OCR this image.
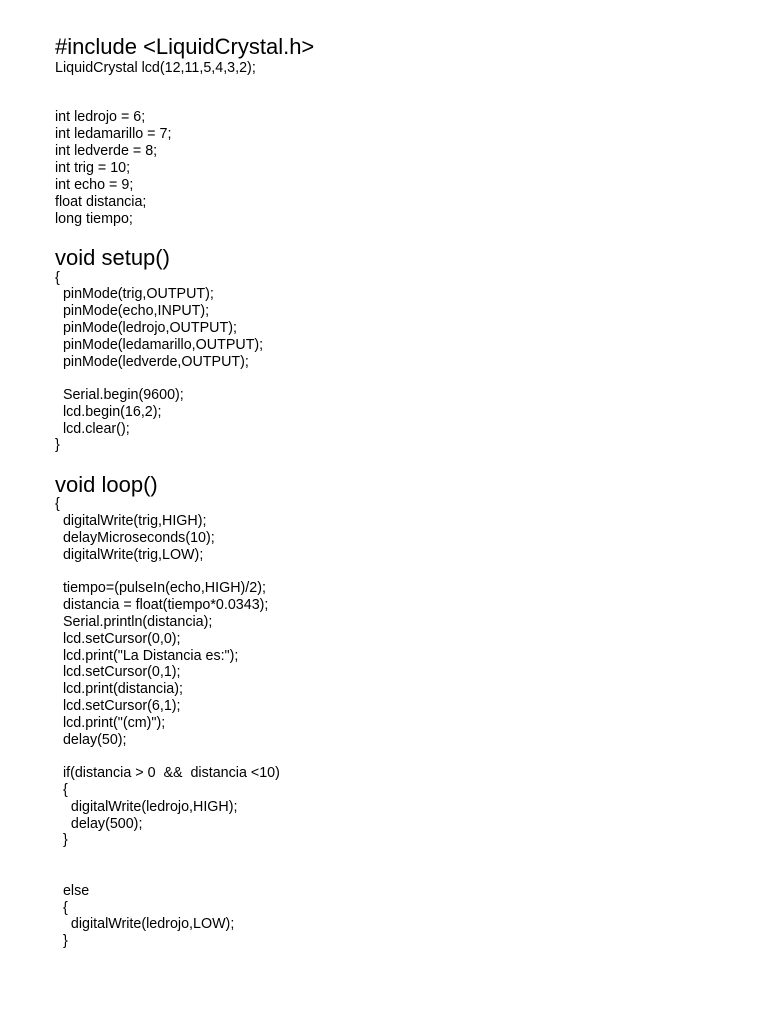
#include <LiquidCrystal.h>
LiquidCrystal lcd(12,11,5,4,3,2);
int ledrojo = 6;
int ledamarillo = 7;
int ledverde = 8;
int trig = 10;
int echo = 9;
float distancia;
long tiempo;
void setup()
{
pinMode(trig,OUTPUT);
pinMode(echo,INPUT);
pinMode(ledrojo,OUTPUT);
pinMode(ledamarillo,OUTPUT);
pinMode(ledverde,OUTPUT);
Serial.begin(9600);
lcd.begin(16,2);
lcd.clear();
}
void loop()
{
digitalWrite(trig,HIGH);
delayMicroseconds(10);
digitalWrite(trig,LOW);
tiempo=(pulseIn(echo,HIGH)/2);
distancia = float(tiempo*0.0343);
Serial.println(distancia);
lcd.setCursor(0,0);
lcd.print("La Distancia es:");
lcd.setCursor(0,1);
lcd.print(distancia);
lcd.setCursor(6,1);
lcd.print("(cm)");
delay(50);
if(distancia > 0  &&  distancia <10)
{
digitalWrite(ledrojo,HIGH);
delay(500);
}
else
{
digitalWrite(ledrojo,LOW);
}
